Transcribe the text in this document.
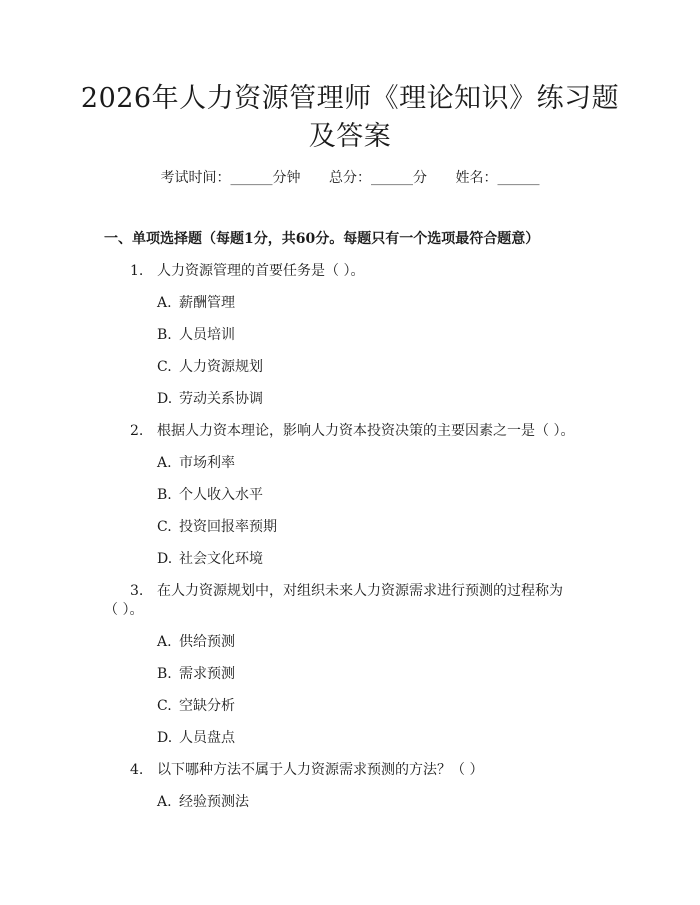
2026年人力资源管理师《理论知识》练习题
及答案
考试时间：______分钟 总分：______分 姓名：______
一、单项选择题（每题1分，共60分。每题只有一个选项最符合题意）
1. 人力资源管理的首要任务是（ ）。
A. 薪酬管理
B. 人员培训
C. 人力资源规划
D. 劳动关系协调
2. 根据人力资本理论，影响人力资本投资决策的主要因素之一是（ ）。
A. 市场利率
B. 个人收入水平
C. 投资回报率预期
D. 社会文化环境
3. 在人力资源规划中，对组织未来人力资源需求进行预测的过程称为
（ ）。
A. 供给预测
B. 需求预测
C. 空缺分析
D. 人员盘点
4. 以下哪种方法不属于人力资源需求预测的方法？（ ）
A. 经验预测法
